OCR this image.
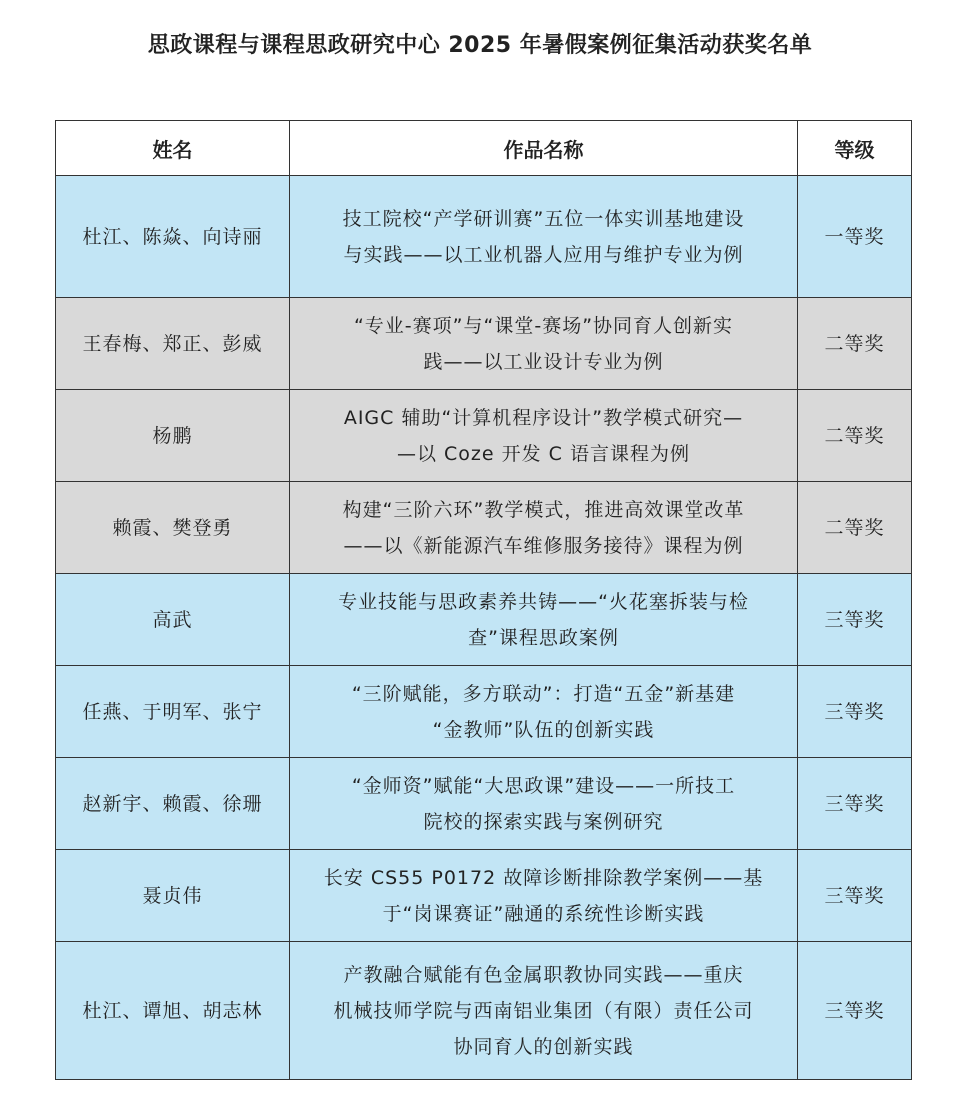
思政课程与课程思政研究中心 2025 年暑假案例征集活动获奖名单
姓名	作品名称	等级
杜江、陈焱、向诗丽	技工院校“产学研训赛”五位一体实训基地建设
与实践——以工业机器人应用与维护专业为例	一等奖
王春梅、郑正、彭威	“专业-赛项”与“课堂-赛场”协同育人创新实
践——以工业设计专业为例	二等奖
杨鹏	AIGC 辅助“计算机程序设计”教学模式研究—
—以 Coze 开发 C 语言课程为例	二等奖
赖霞、樊登勇	构建“三阶六环”教学模式，推进高效课堂改革
——以《新能源汽车维修服务接待》课程为例	二等奖
高武	专业技能与思政素养共铸——“火花塞拆装与检
查”课程思政案例	三等奖
任燕、于明军、张宁	“三阶赋能，多方联动”：打造“五金”新基建
“金教师”队伍的创新实践	三等奖
赵新宇、赖霞、徐珊	“金师资”赋能“大思政课”建设——一所技工
院校的探索实践与案例研究	三等奖
聂贞伟	长安 CS55 P0172 故障诊断排除教学案例——基
于“岗课赛证”融通的系统性诊断实践	三等奖
杜江、谭旭、胡志林	产教融合赋能有色金属职教协同实践——重庆
机械技师学院与西南铝业集团（有限）责任公司
协同育人的创新实践	三等奖
